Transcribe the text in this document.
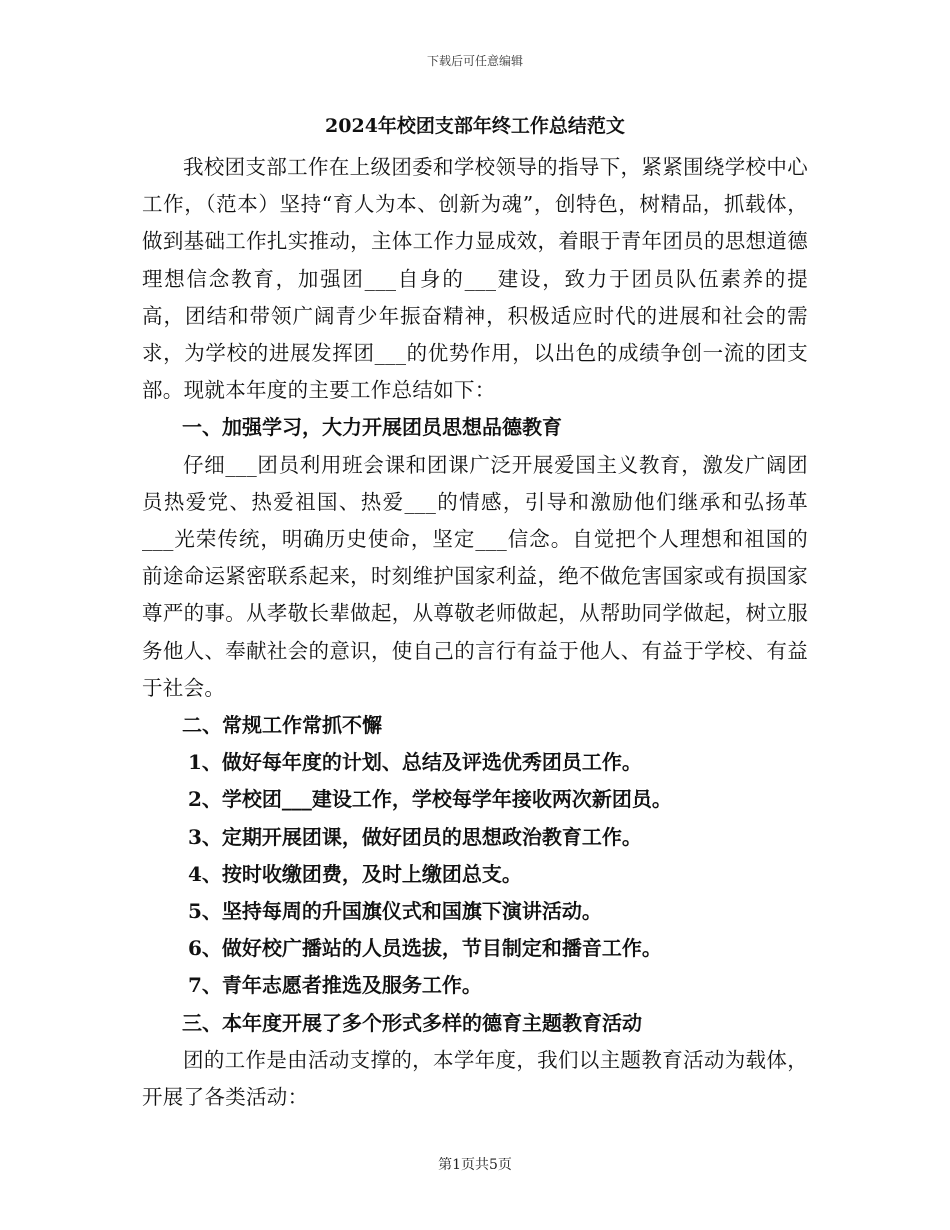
下载后可任意编辑
2024年校团支部年终工作总结范文

我校团支部工作在上级团委和学校领导的指导下，紧紧围绕学校中心工作，（范本）坚持“育人为本、创新为魂”，创特色，树精品，抓载体，做到基础工作扎实推动，主体工作力显成效，着眼于青年团员的思想道德理想信念教育，加强团___自身的___建设，致力于团员队伍素养的提高，团结和带领广阔青少年振奋精神，积极适应时代的进展和社会的需求，为学校的进展发挥团___的优势作用，以出色的成绩争创一流的团支部。现就本年度的主要工作总结如下：

一、加强学习，大力开展团员思想品德教育

仔细___团员利用班会课和团课广泛开展爱国主义教育，激发广阔团员热爱党、热爱祖国、热爱___的情感，引导和激励他们继承和弘扬革___光荣传统，明确历史使命，坚定___信念。自觉把个人理想和祖国的前途命运紧密联系起来，时刻维护国家利益，绝不做危害国家或有损国家尊严的事。从孝敬长辈做起，从尊敬老师做起，从帮助同学做起，树立服务他人、奉献社会的意识，使自己的言行有益于他人、有益于学校、有益于社会。

二、常规工作常抓不懈

1、做好每年度的计划、总结及评选优秀团员工作。

2、学校团___建设工作，学校每学年接收两次新团员。

3、定期开展团课，做好团员的思想政治教育工作。

4、按时收缴团费，及时上缴团总支。

5、坚持每周的升国旗仪式和国旗下演讲活动。

6、做好校广播站的人员选拔，节目制定和播音工作。

7、青年志愿者推选及服务工作。

三、本年度开展了多个形式多样的德育主题教育活动

团的工作是由活动支撑的，本学年度，我们以主题教育活动为载体，开展了各类活动：

第1页共5页
